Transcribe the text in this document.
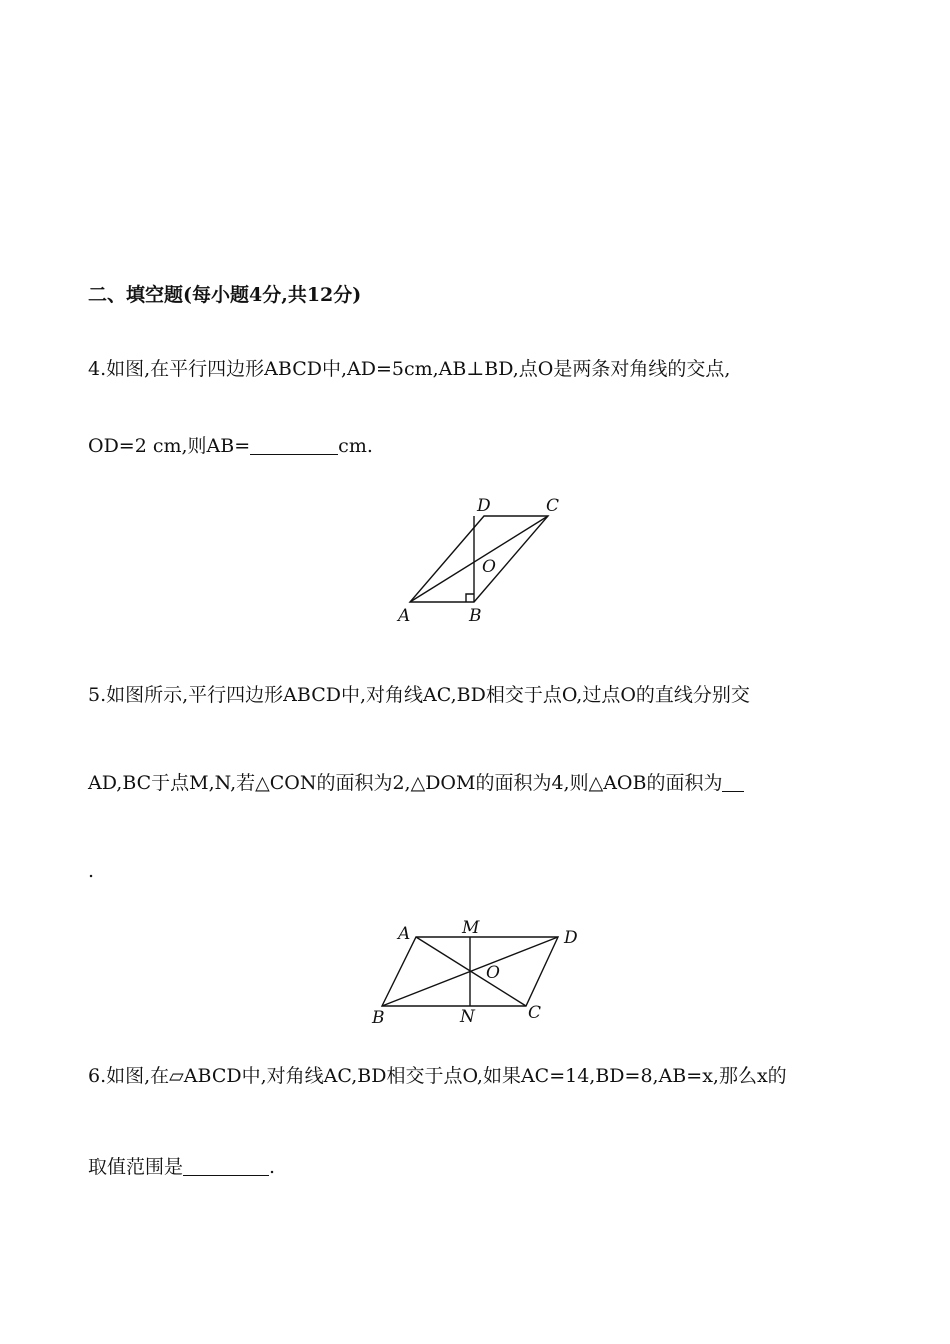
二、填空题(每小题4分,共12分)
4.如图,在平行四边形ABCD中,AD=5cm,AB⊥BD,点O是两条对角线的交点,
OD=2 cm,则AB=	cm.
A	B
C
D
O
5.如图所示,平行四边形ABCD中,对角线AC,BD相交于点O,过点O的直线分别交
AD,BC于点M,N,若△CON的面积为2,△DOM的面积为4,则△AOB的面积为
.
A	M	D
O
B	N	C
6.如图,在▱ABCD中,对角线AC,BD相交于点O,如果AC=14,BD=8,AB=x,那么x的
取值范围是	.
